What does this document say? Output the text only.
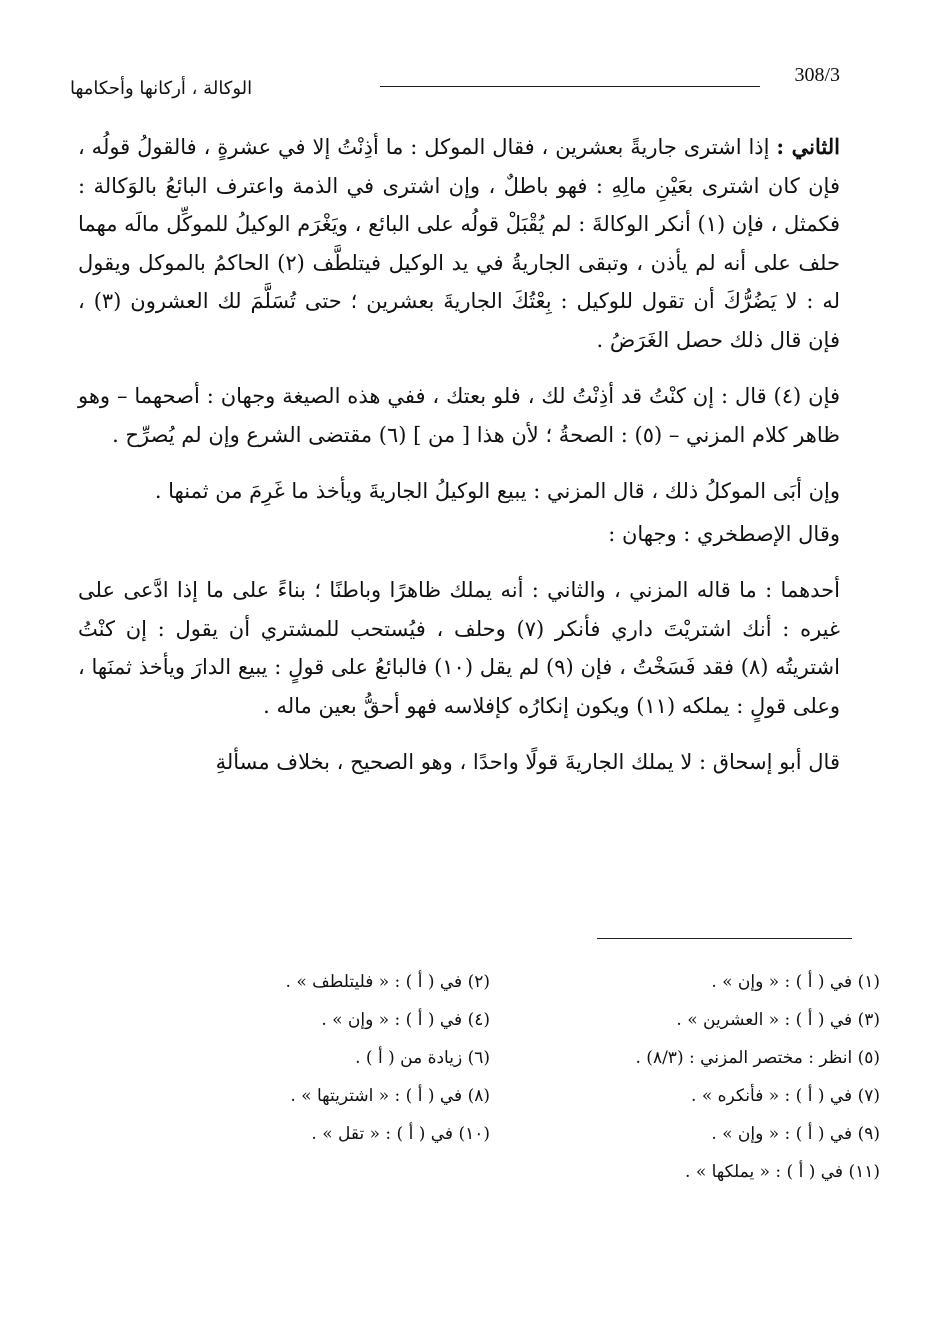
308/3
الوكالة ، أركانها وأحكامها

الثاني : إذا اشترى جاريةً بعشرين ، فقال الموكل : ما أذِنْتُ إلا في عشرةٍ ، فالقولُ قولُه ، فإن كان اشترى بعَيْنِ مالِهِ : فهو باطلٌ ، وإن اشترى في الذمة واعترف البائعُ بالوَكالة : فكمثل ، فإن (١) أنكر الوكالةَ : لم يُقْبَلْ قولُه على البائع ، ويَغْرَم الوكيلُ للموكِّل مالَه مهما حلف على أنه لم يأذن ، وتبقى الجاريةُ في يد الوكيل فيتلطَّف (٢) الحاكمُ بالموكل ويقول له : لا يَضُرُّكَ أن تقول للوكيل : بِعْتُكَ الجاريةَ بعشرين ؛ حتى تُسَلَّمَ لك العشرون (٣) ، فإن قال ذلك حصل الغَرَضُ .

فإن (٤) قال : إن كنْتُ قد أذِنْتُ لك ، فلو بعتك ، ففي هذه الصيغة وجهان : أصحهما – وهو ظاهر كلام المزني – (٥) : الصحةُ ؛ لأن هذا [ من ] (٦) مقتضى الشرع وإن لم يُصرِّح .

وإن أبَى الموكلُ ذلك ، قال المزني : يبيع الوكيلُ الجاريةَ ويأخذ ما غَرِمَ من ثمنها .

وقال الإصطخري : وجهان :

أحدهما : ما قاله المزني ، والثاني : أنه يملك ظاهرًا وباطنًا ؛ بناءً على ما إذا ادَّعى على غيره : أنك اشتريْتَ داري فأنكر (٧) وحلف ، فيُستحب للمشتري أن يقول : إن كنْتُ اشتريتُه (٨) فقد فَسَخْتُ ، فإن (٩) لم يقل (١٠) فالبائعُ على قولٍ : يبيع الدارَ ويأخذ ثمنَها ، وعلى قولٍ : يملكه (١١) ويكون إنكارُه كإفلاسه فهو أحقُّ بعين ماله .

قال أبو إسحاق : لا يملك الجاريةَ قولًا واحدًا ، وهو الصحيح ، بخلاف مسألةِ

(١) في ( أ ) : « وإن » .
(٢) في ( أ ) : « فليتلطف » .
(٣) في ( أ ) : « العشرين » .
(٤) في ( أ ) : « وإن » .
(٥) انظر : مختصر المزني : (٨/٣) .
(٦) زيادة من ( أ ) .
(٧) في ( أ ) : « فأنكره » .
(٨) في ( أ ) : « اشتريتها » .
(٩) في ( أ ) : « وإن » .
(١٠) في ( أ ) : « تقل » .
(١١) في ( أ ) : « يملكها » .
